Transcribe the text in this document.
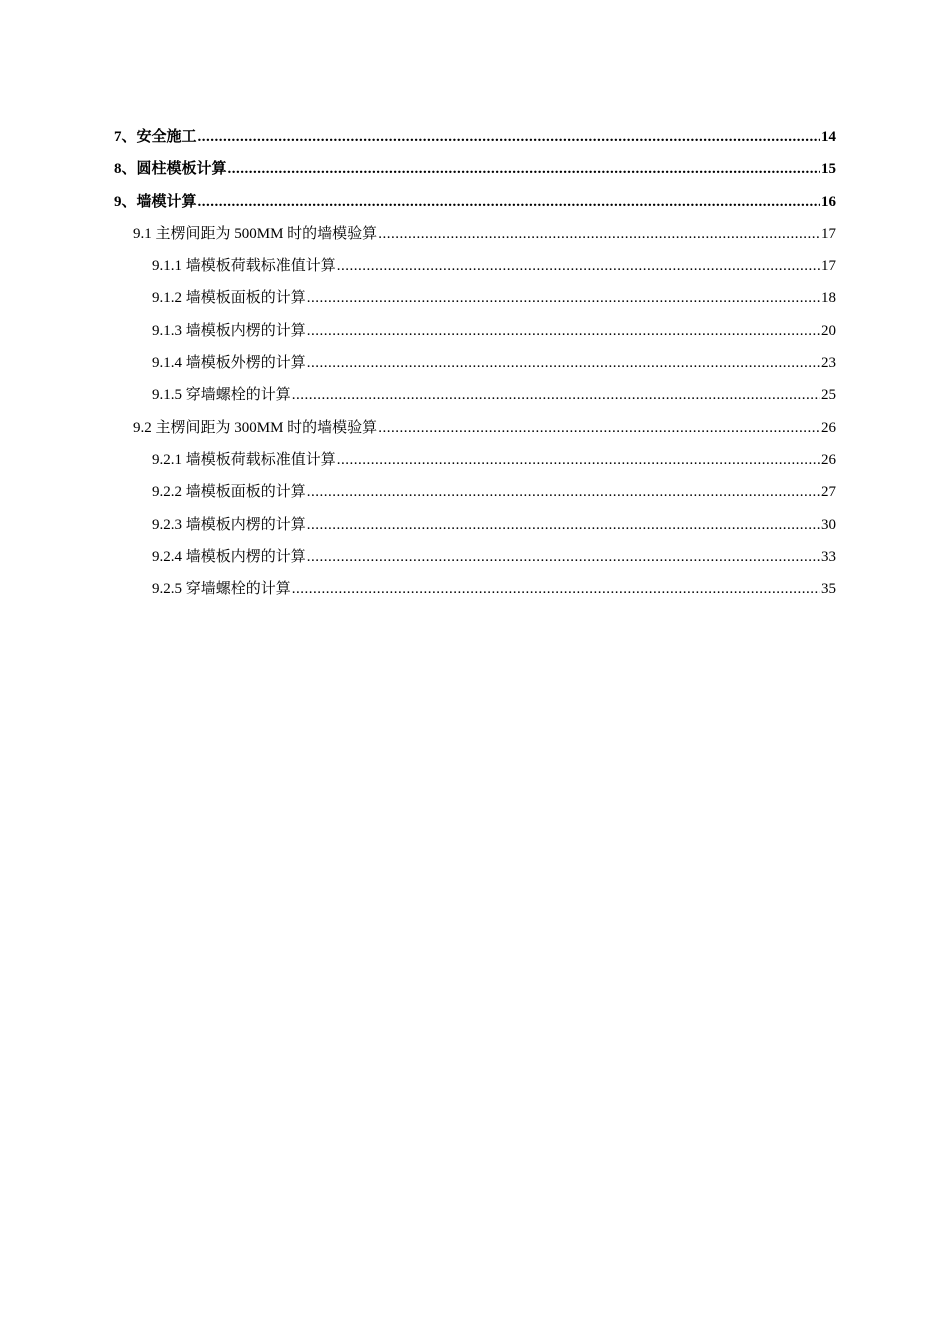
7、安全施工 .....	14
8、圆柱模板计算 .....	15
9、墙模计算 .....	16
9.1 主楞间距为 500MM 时的墙模验算 .....	17
9.1.1 墙模板荷载标准值计算 .....	17
9.1.2 墙模板面板的计算 .....	18
9.1.3 墙模板内楞的计算 .....	20
9.1.4 墙模板外楞的计算 .....	23
9.1.5 穿墙螺栓的计算 .....	25
9.2 主楞间距为 300MM 时的墙模验算 .....	26
9.2.1 墙模板荷载标准值计算 .....	26
9.2.2 墙模板面板的计算 .....	27
9.2.3 墙模板内楞的计算 .....	30
9.2.4 墙模板内楞的计算 .....	33
9.2.5 穿墙螺栓的计算 .....	35
